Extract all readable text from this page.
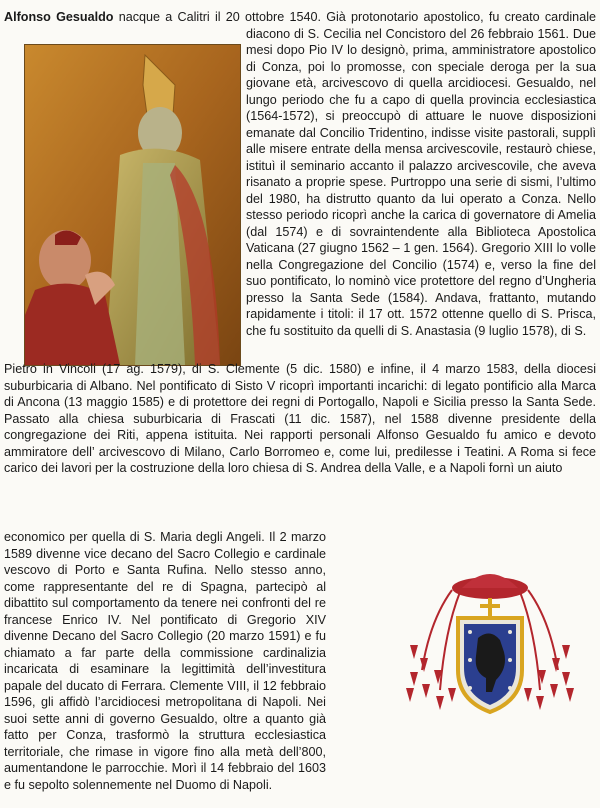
Alfonso Gesualdo nacque a Calitri il 20 ottobre 1540. Già protonotario apostolico, fu creato cardinale diacono di S. Cecilia nel Concistoro del 26 febbraio 1561. Due mesi dopo Pio IV lo designò, prima, amministratore apostolico di Conza, poi lo promosse, con speciale deroga per la sua giovane età, arcivescovo di quella arcidiocesi. Gesualdo, nel lungo periodo che fu a capo di quella provincia ecclesiastica (1564-1572), si preoccupò di attuare le nuove disposizioni emanate dal Concilio Tridentino, indisse visite pastorali, supplì alle misere entrate della mensa arcivescovile, restaurò chiese, istituì il seminario accanto il palazzo arcivescovile, che aveva risanato a proprie spese. Purtroppo una serie di sismi, l’ultimo del 1980, ha distrutto quanto da lui operato a Conza. Nello stesso periodo ricoprì anche la carica di governatore di Amelia (dal 1574) e di sovraintendente alla Biblioteca Apostolica Vaticana (27 giugno 1562 – 1 gen. 1564). Gregorio XIII lo volle nella Congregazione del Concilio (1574) e, verso la fine del suo pontificato, lo nominò vice protettore del regno d’Ungheria presso la Santa Sede (1584). Andava, frattanto, mutando rapidamente i titoli: il 17 ott. 1572 ottenne quello di S. Prisca, che fu sostituito da quelli di S. Anastasia (9 luglio 1578), di S.

Pietro in Vincoli (17 ag. 1579), di S. Clemente (5 dic. 1580) e infine, il 4 marzo 1583, della diocesi suburbicaria di Albano. Nel pontificato di Sisto V ricoprì importanti incarichi: di legato pontificio alla Marca di Ancona (13 maggio 1585) e di protettore dei regni di Portogallo, Napoli e Sicilia presso la Santa Sede. Passato alla chiesa suburbicaria di Frascati (11 dic. 1587), nel 1588 divenne presidente della congregazione dei Riti, appena istituita. Nei rapporti personali Alfonso Gesualdo fu amico e devoto ammiratore dell’ arcivescovo di Milano, Carlo Borromeo e, come lui, predilesse i Teatini. A Roma si fece carico dei lavori per la costruzione della loro chiesa di S. Andrea della Valle, e a Napoli fornì un aiuto

economico per quella di S. Maria degli Angeli. Il 2 marzo 1589 divenne vice decano del Sacro Collegio e cardinale vescovo di Porto e Santa Rufina. Nello stesso anno, come rappresentante del re di Spagna, partecipò al dibattito sul comportamento da tenere nei confronti del re francese Enrico IV. Nel pontificato di Gregorio XIV divenne Decano del Sacro Collegio (20 marzo 1591) e fu chiamato a far parte della commissione cardinalizia incaricata di esaminare la legittimità dell’investitura papale del ducato di Ferrara. Clemente VIII, il 12 febbraio 1596, gli affidò l’arcidiocesi metropolitana di Napoli. Nei suoi sette anni di governo Gesualdo, oltre a quanto già fatto per Conza, trasformò la struttura ecclesiastica territoriale, che rimase in vigore fino alla metà dell’800, aumentandone le parrocchie. Morì il 14 febbraio del 1603 e fu sepolto solennemente nel Duomo di Napoli.
